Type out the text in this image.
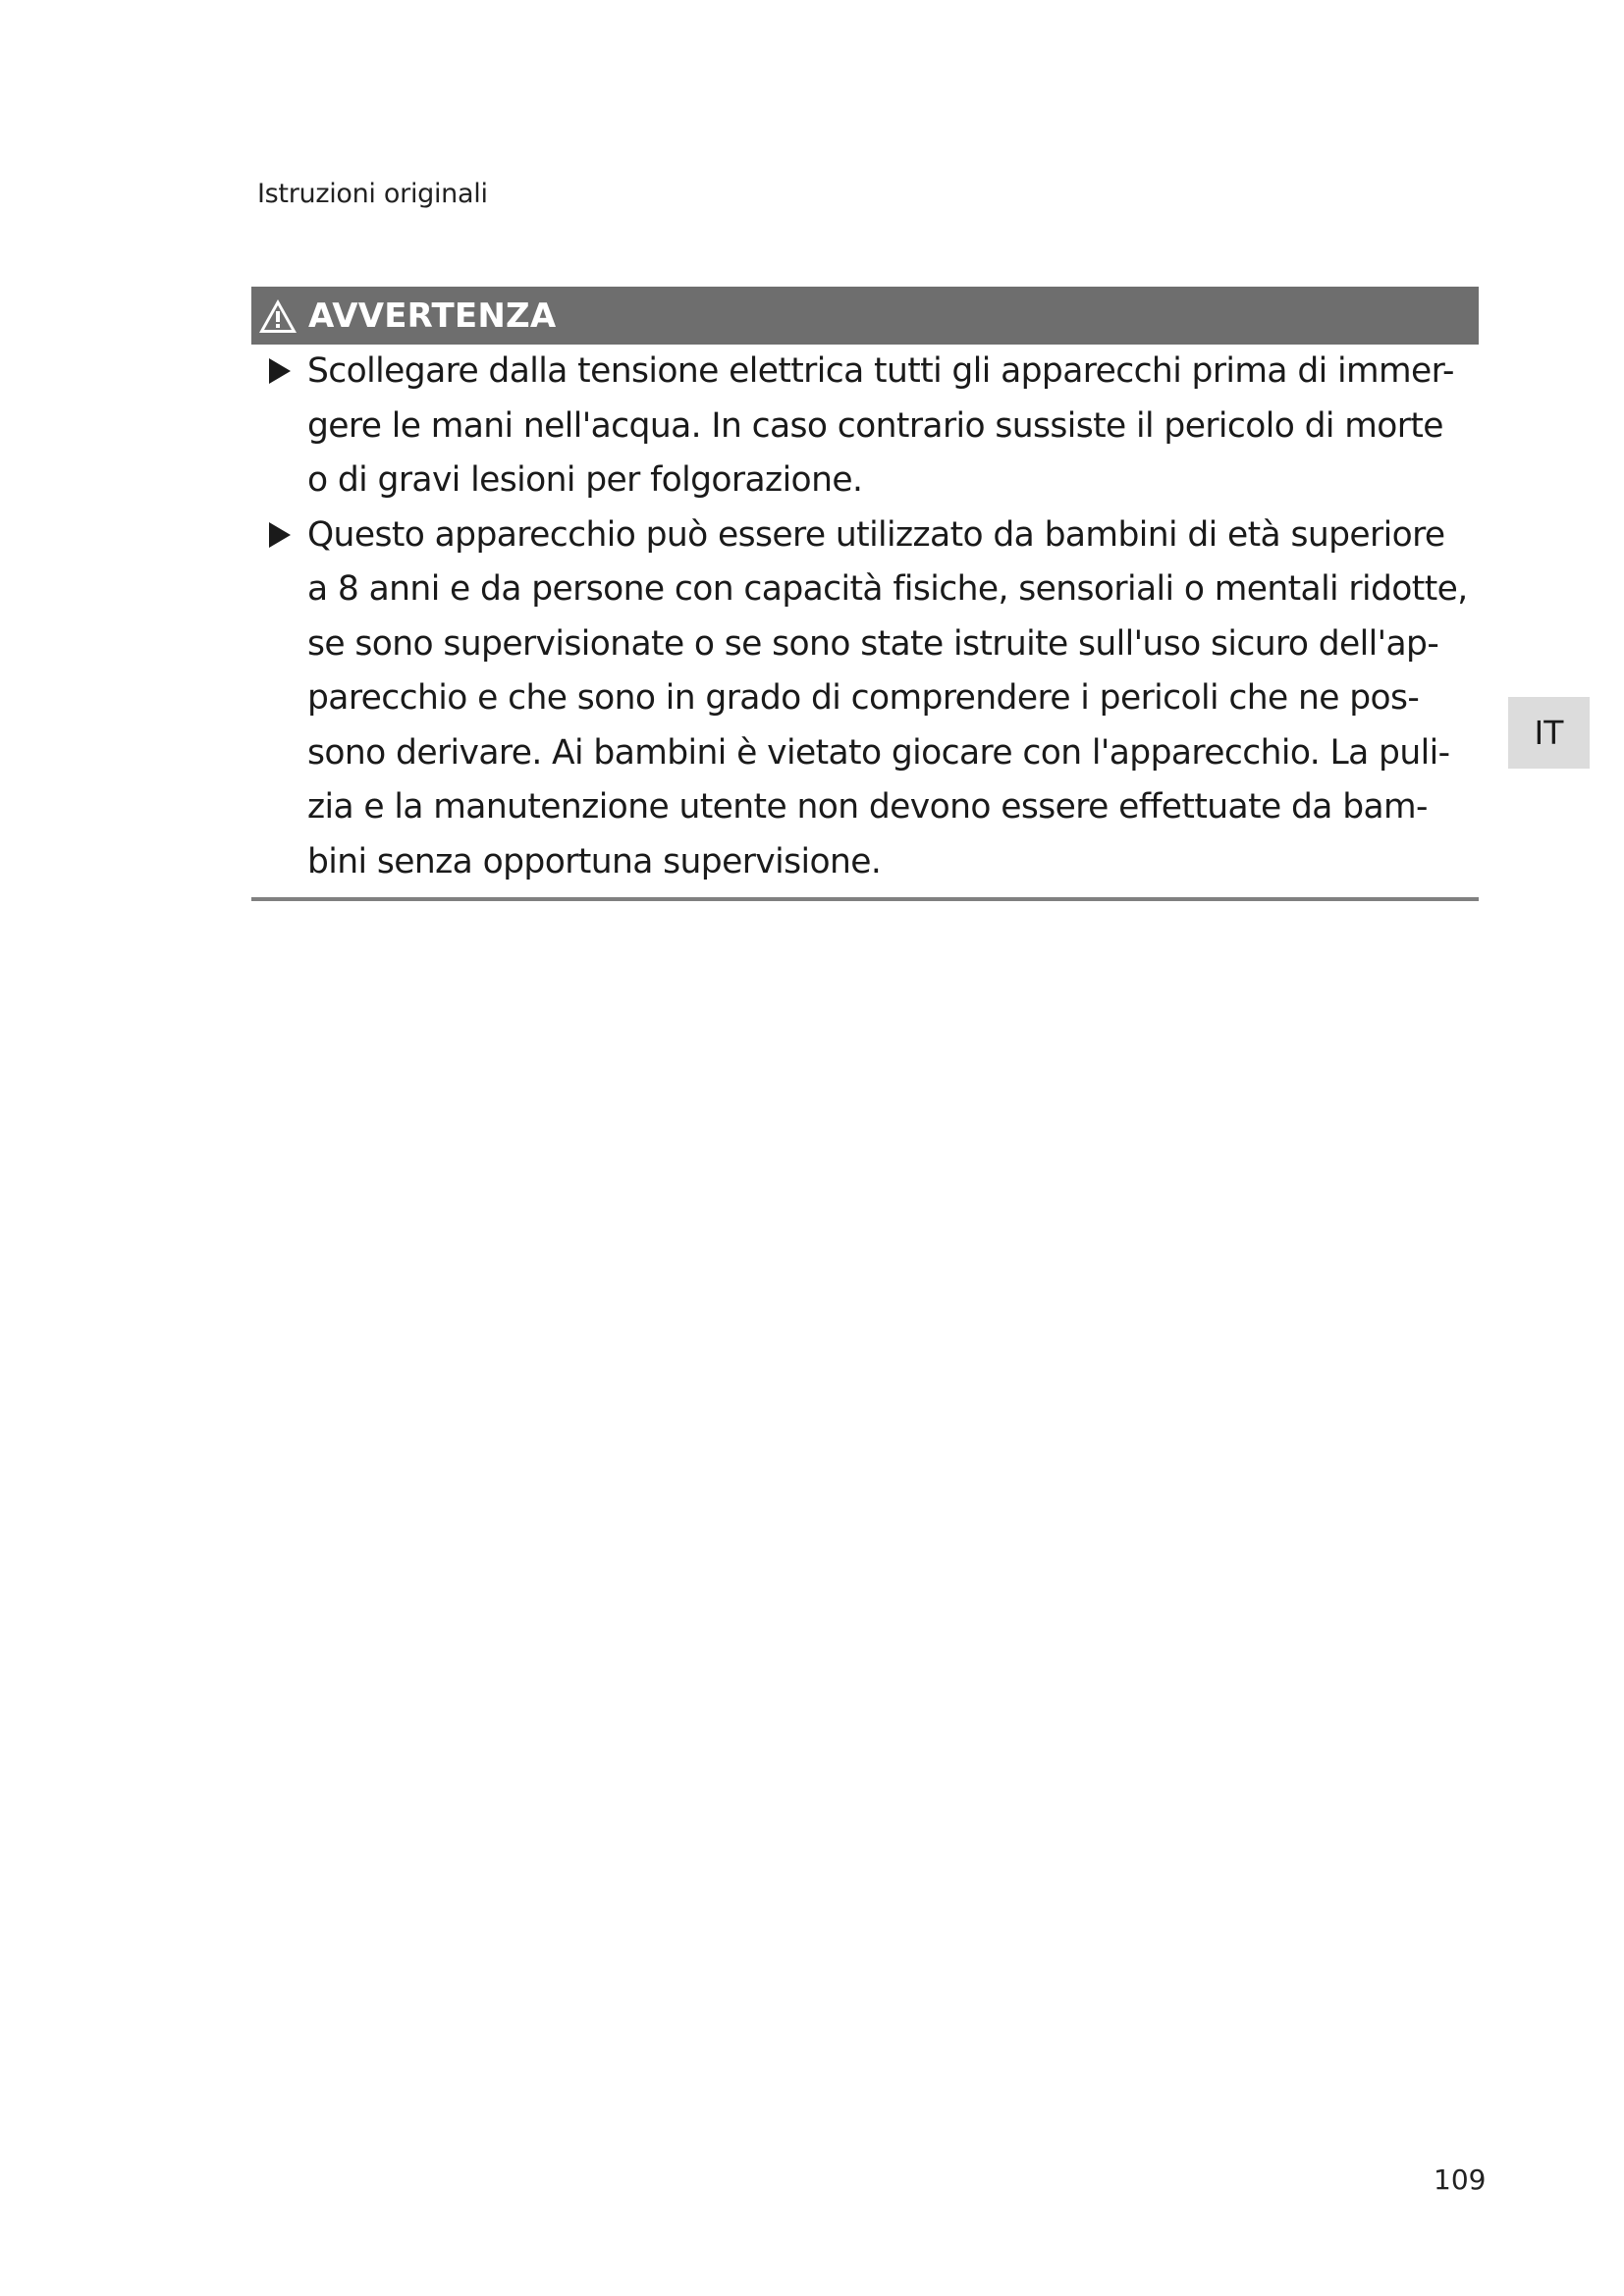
Istruzioni originali
AVVERTENZA
Scollegare dalla tensione elettrica tutti gli apparecchi prima di immer-
gere le mani nell'acqua. In caso contrario sussiste il pericolo di morte
o di gravi lesioni per folgorazione.
Questo apparecchio può essere utilizzato da bambini di età superiore
a 8 anni e da persone con capacità fisiche, sensoriali o mentali ridotte,
se sono supervisionate o se sono state istruite sull'uso sicuro dell'ap-
parecchio e che sono in grado di comprendere i pericoli che ne pos-
sono derivare. Ai bambini è vietato giocare con l'apparecchio. La puli-
zia e la manutenzione utente non devono essere effettuate da bam-
bini senza opportuna supervisione.
IT
109
